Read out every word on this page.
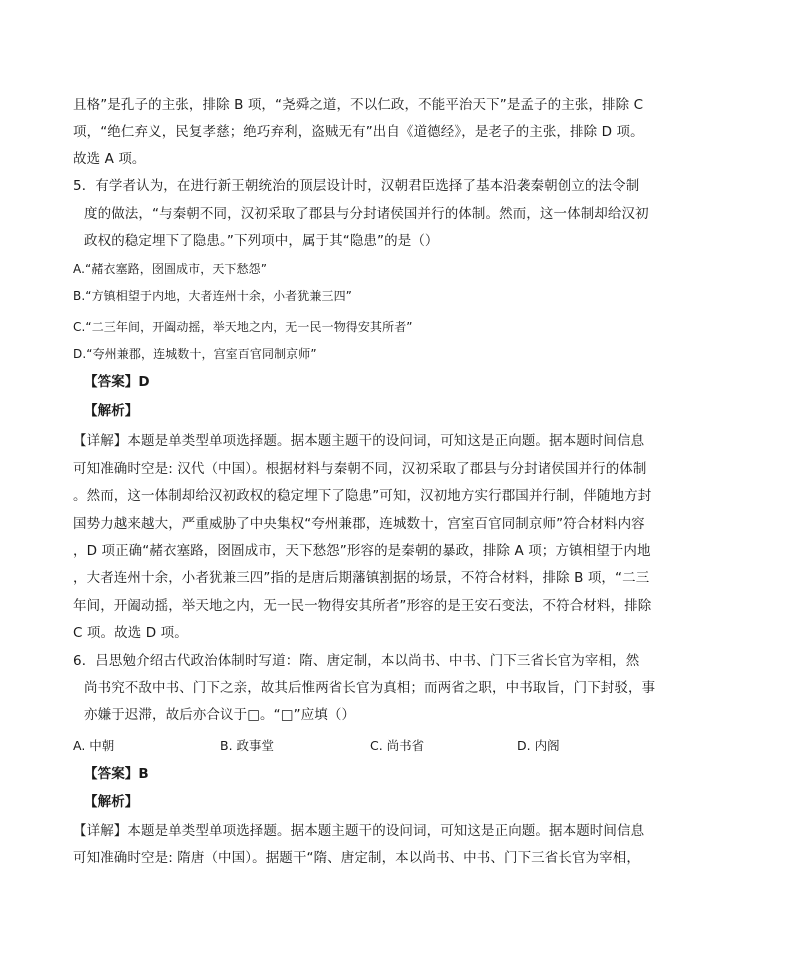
且格”是孔子的主张，排除 B 项，“尧舜之道，不以仁政，不能平治天下”是孟子的主张，排除 C
项，“绝仁弃义，民复孝慈；绝巧弃利，盗贼无有”出自《道德经》，是老子的主张，排除 D 项。
故选 A 项。
5．有学者认为，在进行新王朝统治的顶层设计时，汉朝君臣选择了基本沿袭秦朝创立的法令制
度的做法，“与秦朝不同，汉初采取了郡县与分封诸侯国并行的体制。然而，这一体制却给汉初
政权的稳定埋下了隐患。”下列项中，属于其“隐患”的是（）
A.“赭衣塞路，囹圄成市，天下愁怨”
B.“方镇相望于内地，大者连州十余，小者犹兼三四”
C.“二三年间，开阖动摇，举天地之内，无一民一物得安其所者”
D.“夸州兼郡，连城数十，宫室百官同制京师”
【答案】D
【解析】
【详解】本题是单类型单项选择题。据本题主题干的设问词，可知这是正向题。据本题时间信息
可知准确时空是: 汉代（中国）。根据材料与秦朝不同，汉初采取了郡县与分封诸侯国并行的体制
。然而，这一体制却给汉初政权的稳定埋下了隐患”可知，汉初地方实行郡国并行制，伴随地方封
国势力越来越大，严重威胁了中央集权“夸州兼郡，连城数十，宫室百官同制京师”符合材料内容
，D 项正确“赭衣塞路，囹圄成市，天下愁怨”形容的是秦朝的暴政，排除 A 项；方镇相望于内地
，大者连州十余，小者犹兼三四”指的是唐后期藩镇割据的场景，不符合材料，排除 B 项，“二三
年间，开阖动摇，举天地之内，无一民一物得安其所者”形容的是王安石变法，不符合材料，排除
C 项。故选 D 项。
6．吕思勉介绍古代政治体制时写道：隋、唐定制，本以尚书、中书、门下三省长官为宰相，然
尚书究不敌中书、门下之亲，故其后惟两省长官为真相；而两省之职，中书取旨，门下封驳，事
亦嫌于迟滞，故后亦合议于□。“□”应填（）
A. 中朝	B. 政事堂	C. 尚书省	D. 内阁
【答案】B
【解析】
【详解】本题是单类型单项选择题。据本题主题干的设问词，可知这是正向题。据本题时间信息
可知准确时空是: 隋唐（中国）。据题干“隋、唐定制，本以尚书、中书、门下三省长官为宰相，
